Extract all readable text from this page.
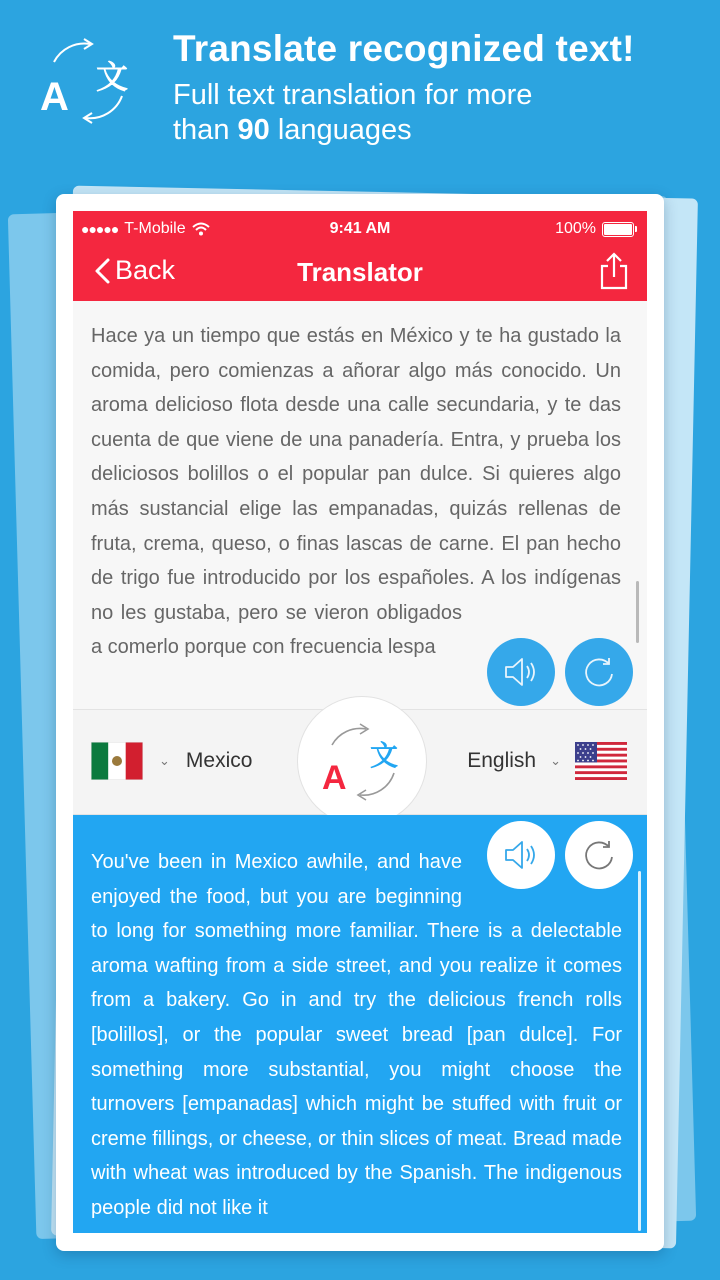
A 文
Translate recognized text!
Full text translation for more
than 90 languages
●●●●● T-Mobile	9:41 AM	100%
Back	Translator
Hace ya un tiempo que estás en México y te ha gustado la comida, pero comienzas a añorar algo más conocido. Un aroma delicioso flota desde una calle secundaria, y te das cuenta de que viene de una panadería. Entra, y prueba los deliciosos bolillos o el popular pan dulce. Si quieres algo más sustancial elige las empanadas, quizás rellenas de fruta, crema, queso, o finas lascas de carne. El pan hecho de trigo fue introducido por los españoles. A los indígenas no les gustaba, pero se vieron obligados a comerlo porque con frecuencia lespa
⌄ Mexico A
文	English ⌄
You've been in Mexico awhile, and have enjoyed the food, but you are beginning to long for something more familiar. There is a delectable aroma wafting from a side street, and you realize it comes from a bakery. Go in and try the delicious french rolls [bolillos], or the popular sweet bread [pan dulce]. For something more substantial, you might choose the turnovers [empanadas] which might be stuffed with fruit or creme fillings, or cheese, or thin slices of meat. Bread made with wheat was introduced by the Spanish. The indigenous people did not like it
